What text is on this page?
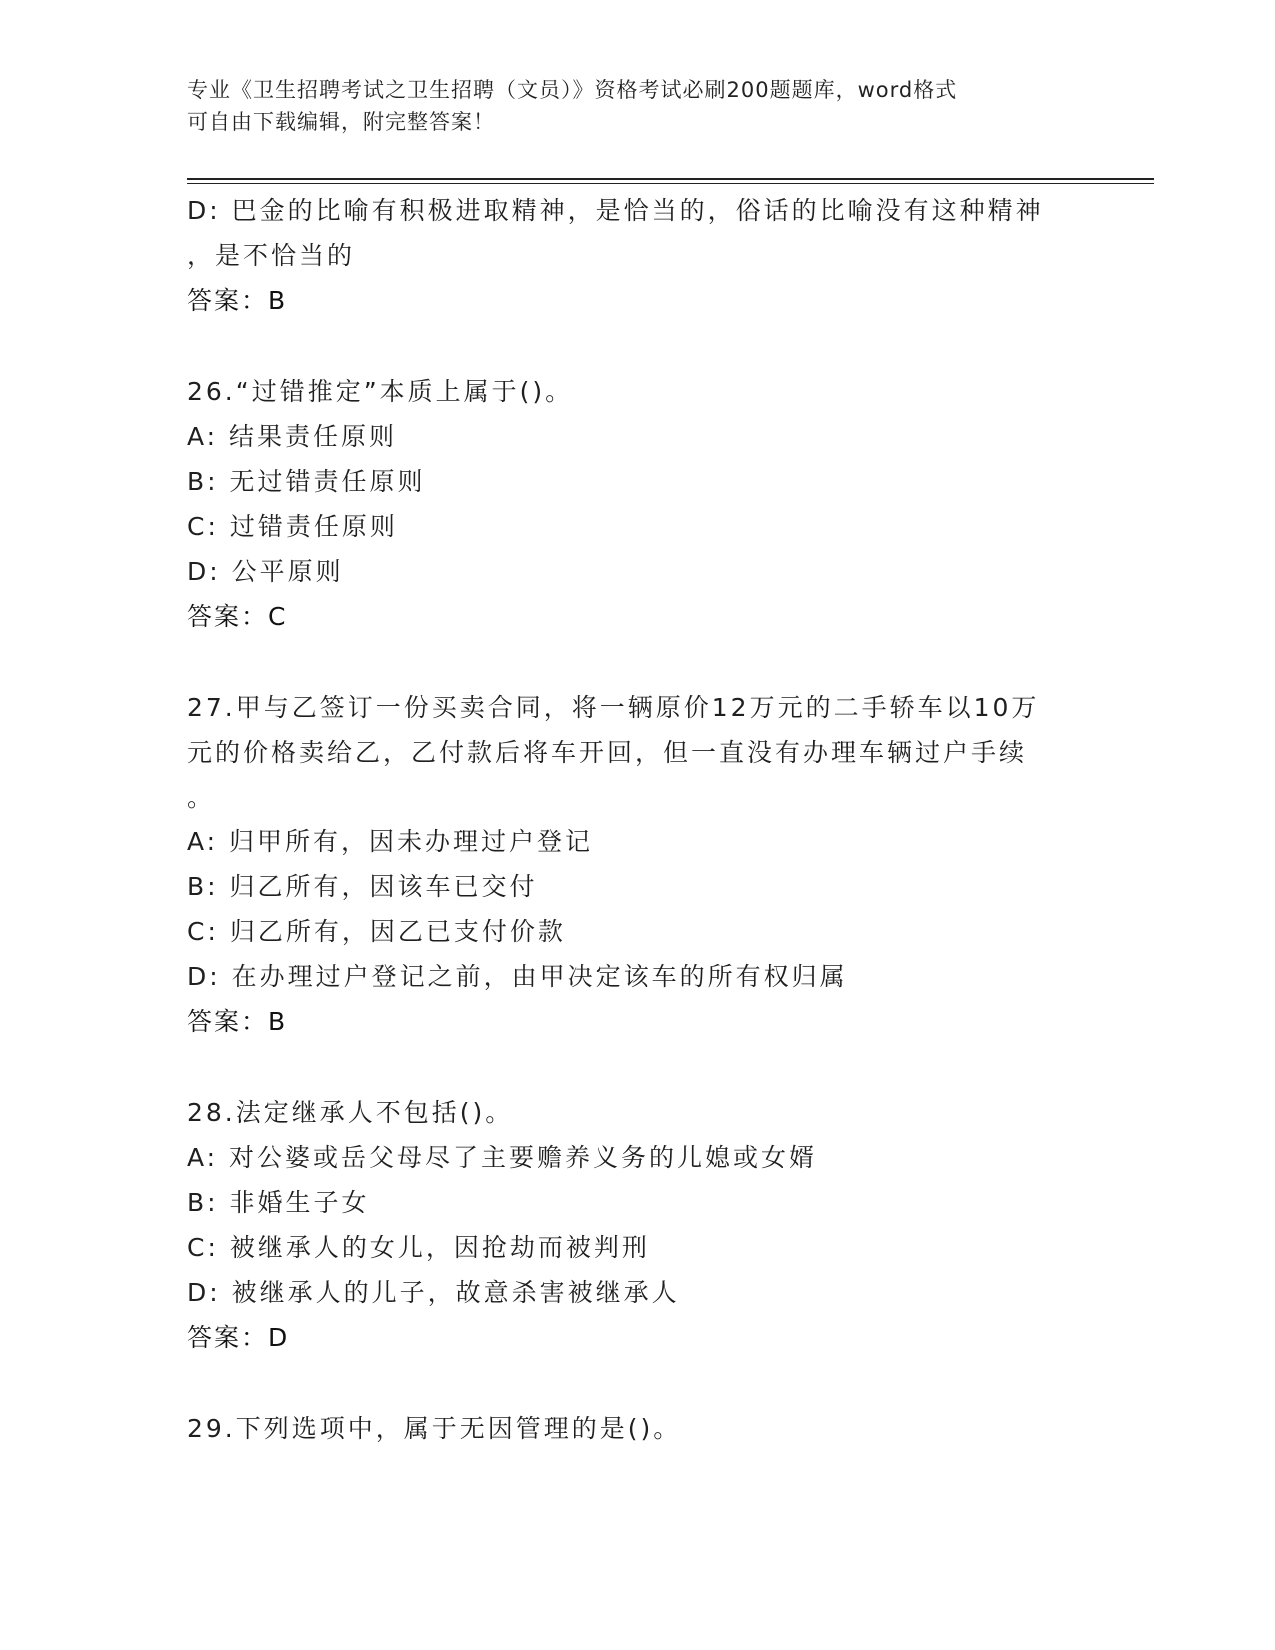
专业《卫生招聘考试之卫生招聘（文员）》资格考试必刷200题题库，word格式
可自由下载编辑，附完整答案！
D: 巴金的比喻有积极进取精神，是恰当的，俗话的比喻没有这种精神
，是不恰当的
答案：B
26.“过错推定”本质上属于()。
A: 结果责任原则
B: 无过错责任原则
C: 过错责任原则
D: 公平原则
答案：C
27.甲与乙签订一份买卖合同，将一辆原价12万元的二手轿车以10万
元的价格卖给乙，乙付款后将车开回，但一直没有办理车辆过户手续
。
A: 归甲所有，因未办理过户登记
B: 归乙所有，因该车已交付
C: 归乙所有，因乙已支付价款
D: 在办理过户登记之前，由甲决定该车的所有权归属
答案：B
28.法定继承人不包括()。
A: 对公婆或岳父母尽了主要赡养义务的儿媳或女婿
B: 非婚生子女
C: 被继承人的女儿，因抢劫而被判刑
D: 被继承人的儿子，故意杀害被继承人
答案：D
29.下列选项中，属于无因管理的是()。
